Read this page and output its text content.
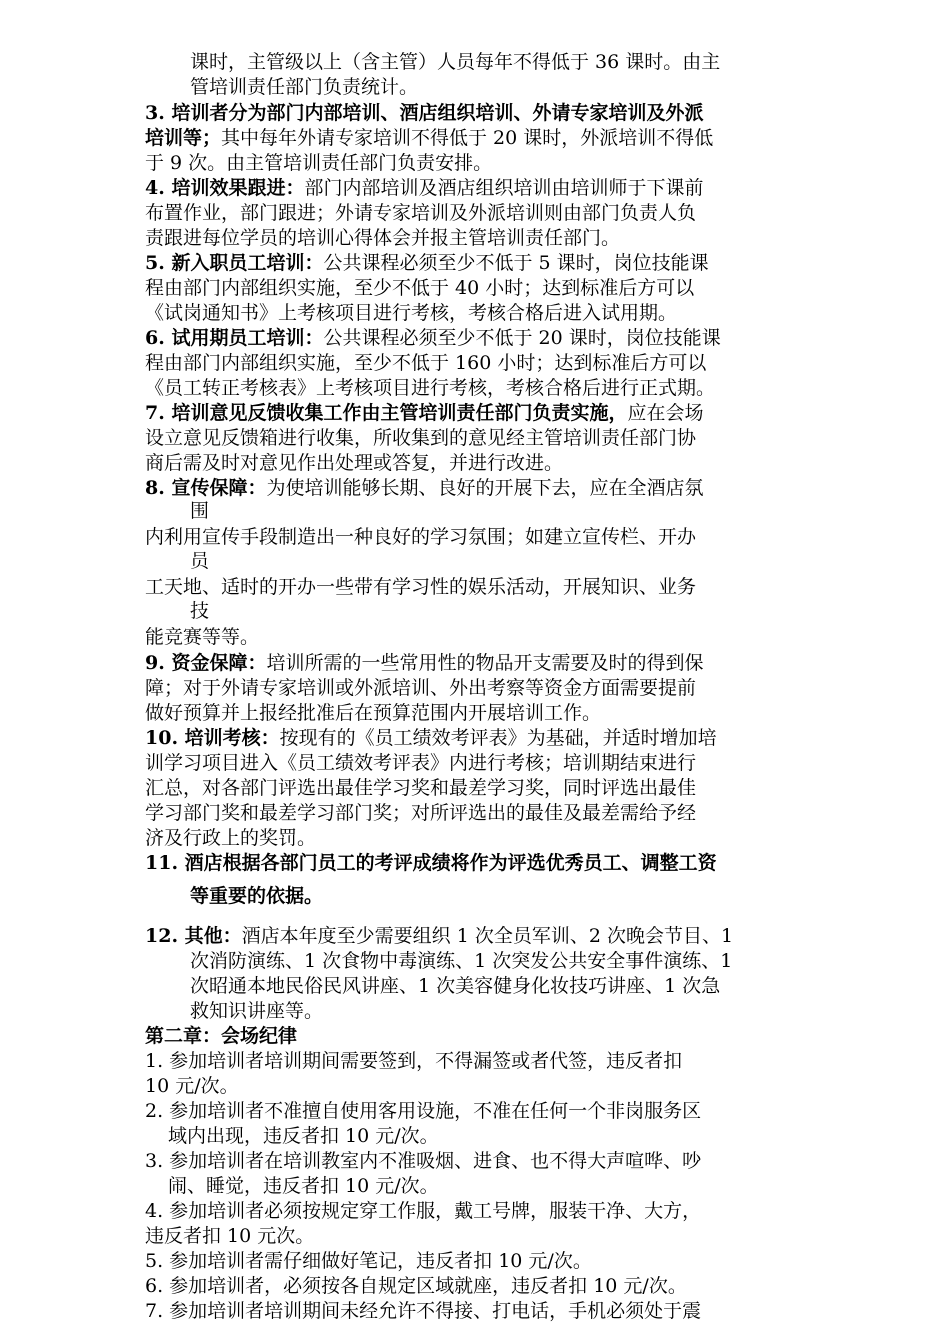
课时，主管级以上（含主管）人员每年不得低于 36 课时。由主
管培训责任部门负责统计。
3. 培训者分为部门内部培训、酒店组织培训、外请专家培训及外派
培训等；其中每年外请专家培训不得低于 20 课时，外派培训不得低
于 9 次。由主管培训责任部门负责安排。
4. 培训效果跟进：部门内部培训及酒店组织培训由培训师于下课前
布置作业，部门跟进；外请专家培训及外派培训则由部门负责人负
责跟进每位学员的培训心得体会并报主管培训责任部门。
5. 新入职员工培训：公共课程必须至少不低于 5 课时，岗位技能课
程由部门内部组织实施，至少不低于 40 小时；达到标准后方可以
《试岗通知书》上考核项目进行考核，考核合格后进入试用期。
6. 试用期员工培训：公共课程必须至少不低于 20 课时，岗位技能课
程由部门内部组织实施，至少不低于 160 小时；达到标准后方可以
《员工转正考核表》上考核项目进行考核，考核合格后进行正式期。
7. 培训意见反馈收集工作由主管培训责任部门负责实施，应在会场
设立意见反馈箱进行收集，所收集到的意见经主管培训责任部门协
商后需及时对意见作出处理或答复，并进行改进。
8. 宣传保障：为使培训能够长期、良好的开展下去，应在全酒店氛
围
内利用宣传手段制造出一种良好的学习氛围；如建立宣传栏、开办
员
工天地、适时的开办一些带有学习性的娱乐活动，开展知识、业务
技
能竞赛等等。
9. 资金保障：培训所需的一些常用性的物品开支需要及时的得到保
障；对于外请专家培训或外派培训、外出考察等资金方面需要提前
做好预算并上报经批准后在预算范围内开展培训工作。
10. 培训考核：按现有的《员工绩效考评表》为基础，并适时增加培
训学习项目进入《员工绩效考评表》内进行考核；培训期结束进行
汇总，对各部门评选出最佳学习奖和最差学习奖，同时评选出最佳
学习部门奖和最差学习部门奖；对所评选出的最佳及最差需给予经
济及行政上的奖罚。
11. 酒店根据各部门员工的考评成绩将作为评选优秀员工、调整工资
等重要的依据。
12. 其他：酒店本年度至少需要组织 1 次全员军训、2 次晚会节目、1
次消防演练、1 次食物中毒演练、1 次突发公共安全事件演练、1
次昭通本地民俗民风讲座、1 次美容健身化妆技巧讲座、1 次急
救知识讲座等。
第二章：会场纪律
1. 参加培训者培训期间需要签到，不得漏签或者代签，违反者扣
10 元/次。
2. 参加培训者不准擅自使用客用设施，不准在任何一个非岗服务区
域内出现，违反者扣 10 元/次。
3. 参加培训者在培训教室内不准吸烟、进食、也不得大声喧哗、吵
闹、睡觉，违反者扣 10 元/次。
4. 参加培训者必须按规定穿工作服，戴工号牌，服装干净、大方，
违反者扣 10 元次。
5. 参加培训者需仔细做好笔记，违反者扣 10 元/次。
6. 参加培训者，必须按各自规定区域就座，违反者扣 10 元/次。
7. 参加培训者培训期间未经允许不得接、打电话，手机必须处于震
